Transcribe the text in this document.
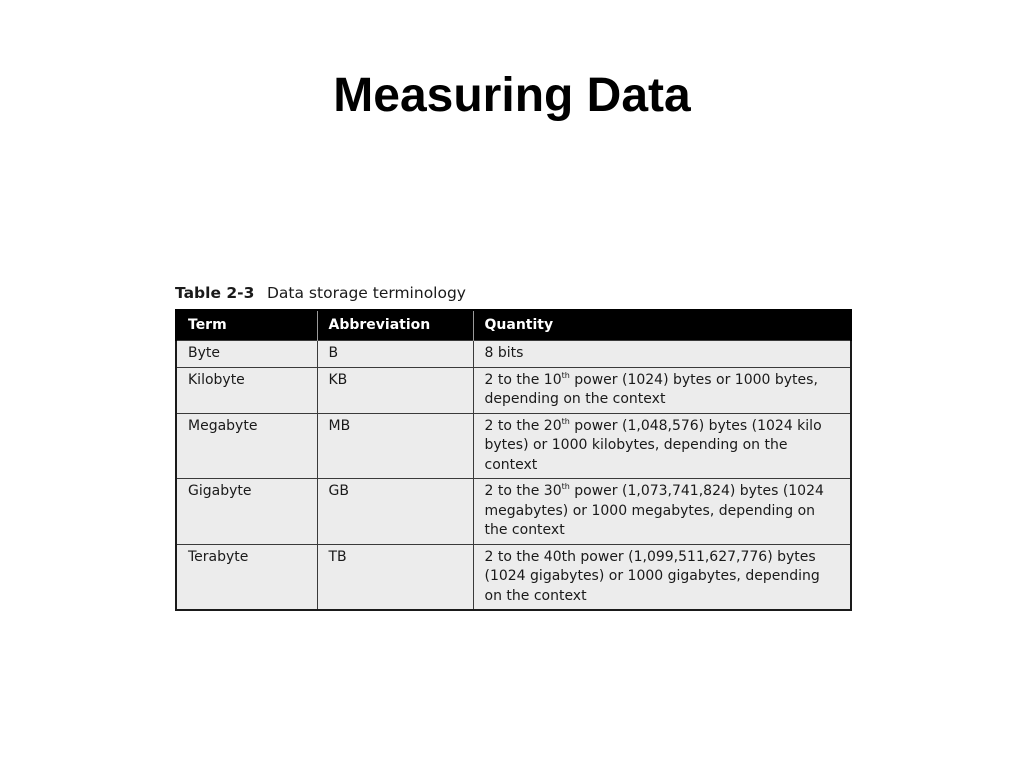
Measuring Data
Table 2-3 Data storage terminology
Term	Abbreviation	Quantity
Byte	B	8 bits

Kilobyte	KB	2 to the 10th power (1024) bytes or 1000 bytes,
depending on the context

Megabyte	MB	2 to the 20th power (1,048,576) bytes (1024 kilo
bytes) or 1000 kilobytes, depending on the context

Gigabyte	GB	2 to the 30th power (1,073,741,824) bytes (1024
megabytes) or 1000 megabytes, depending on
the context

Terabyte	TB	2 to the 40th power (1,099,511,627,776) bytes
(1024 gigabytes) or 1000 gigabytes, depending
on the context
